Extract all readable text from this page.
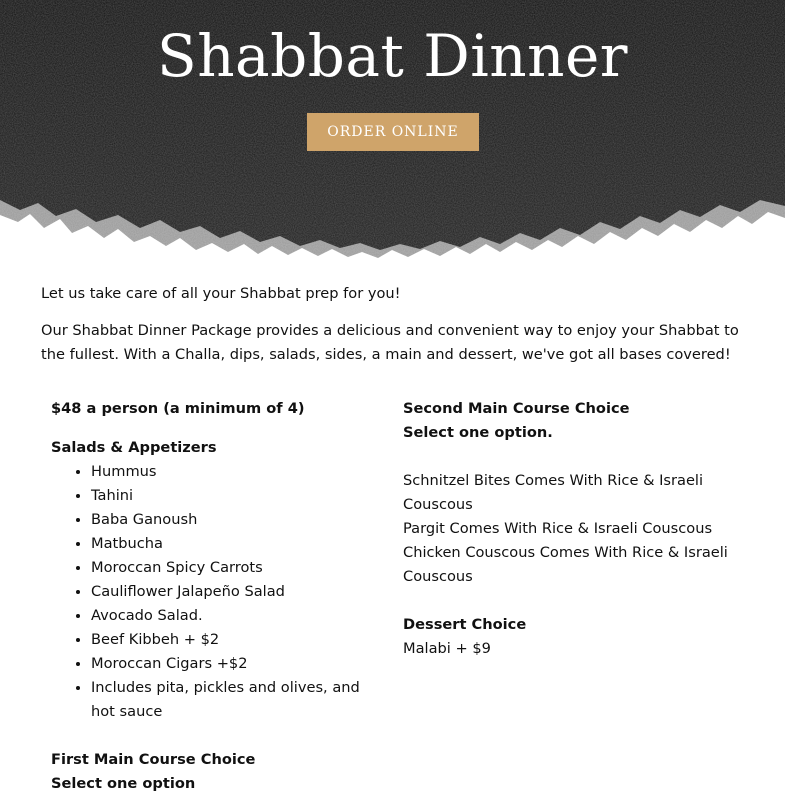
Shabbat Dinner
ORDER ONLINE

Let us take care of all your Shabbat prep for you!

Our Shabbat Dinner Package provides a delicious and convenient way to enjoy your Shabbat to the fullest. With a Challa, dips, salads, sides, a main and dessert, we've got all bases covered!

$48 a person (a minimum of 4)
Salads & Appetizers
• Hummus
• Tahini
• Baba Ganoush
• Matbucha
• Moroccan Spicy Carrots
• Cauliflower Jalapeño Salad
• Avocado Salad.
• Beef Kibbeh + $2
• Moroccan Cigars +$2
• Includes pita, pickles and olives, and hot sauce
First Main Course Choice
Select one option
Second Main Course Choice
Select one option.
Schnitzel Bites Comes With Rice & Israeli Couscous
Pargit Comes With Rice & Israeli Couscous
Chicken Couscous Comes With Rice & Israeli Couscous
Dessert Choice
Malabi + $9
